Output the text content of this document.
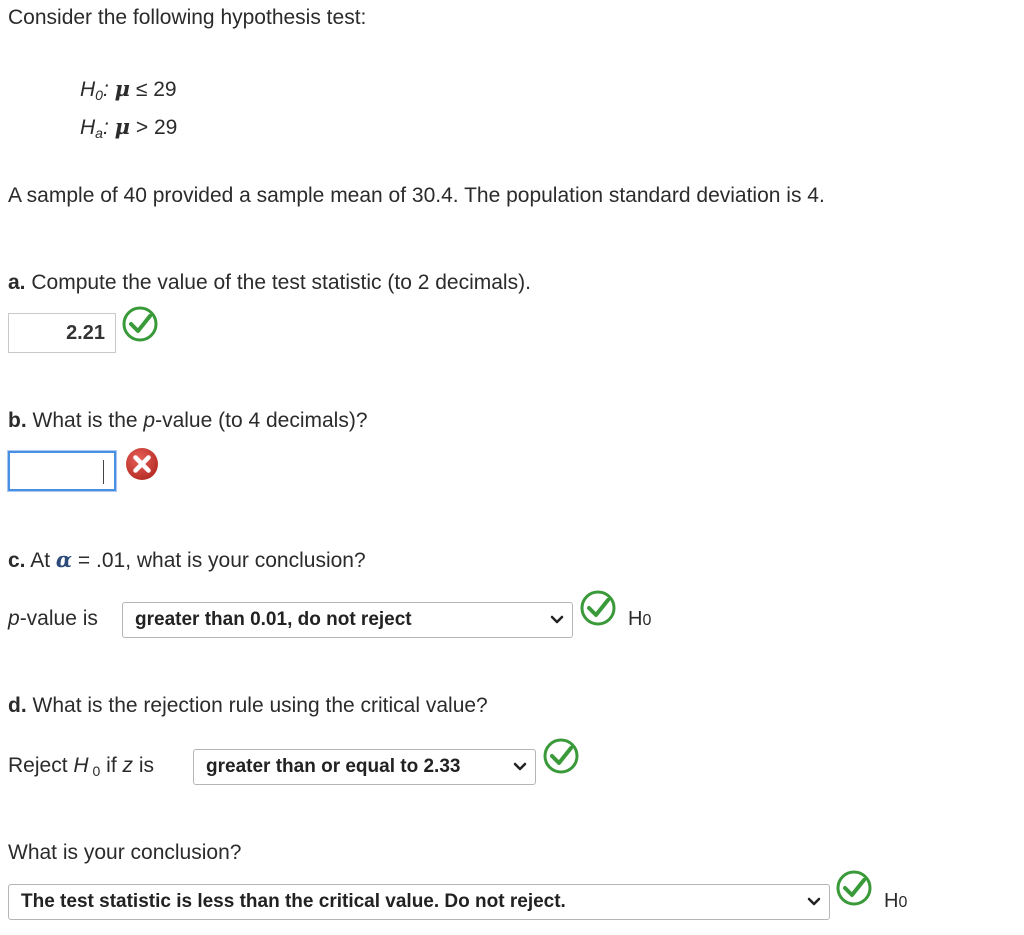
Consider the following hypothesis test:
$H_0$: μ ≤ 29
$H_a$: μ > 29
A sample of 40 provided a sample mean of 30.4. The population standard deviation is 4.
a. Compute the value of the test statistic (to 2 decimals).
2.21
b. What is the p-value (to 4 decimals)?
c. At α = .01, what is your conclusion?
p-value is greater than 0.01, do not reject	H0
d. What is the rejection rule using the critical value?
Reject H $_0$ if z is	greater than or equal to 2.33
What is your conclusion?
The test statistic is less than the critical value. Do not reject.	H0
